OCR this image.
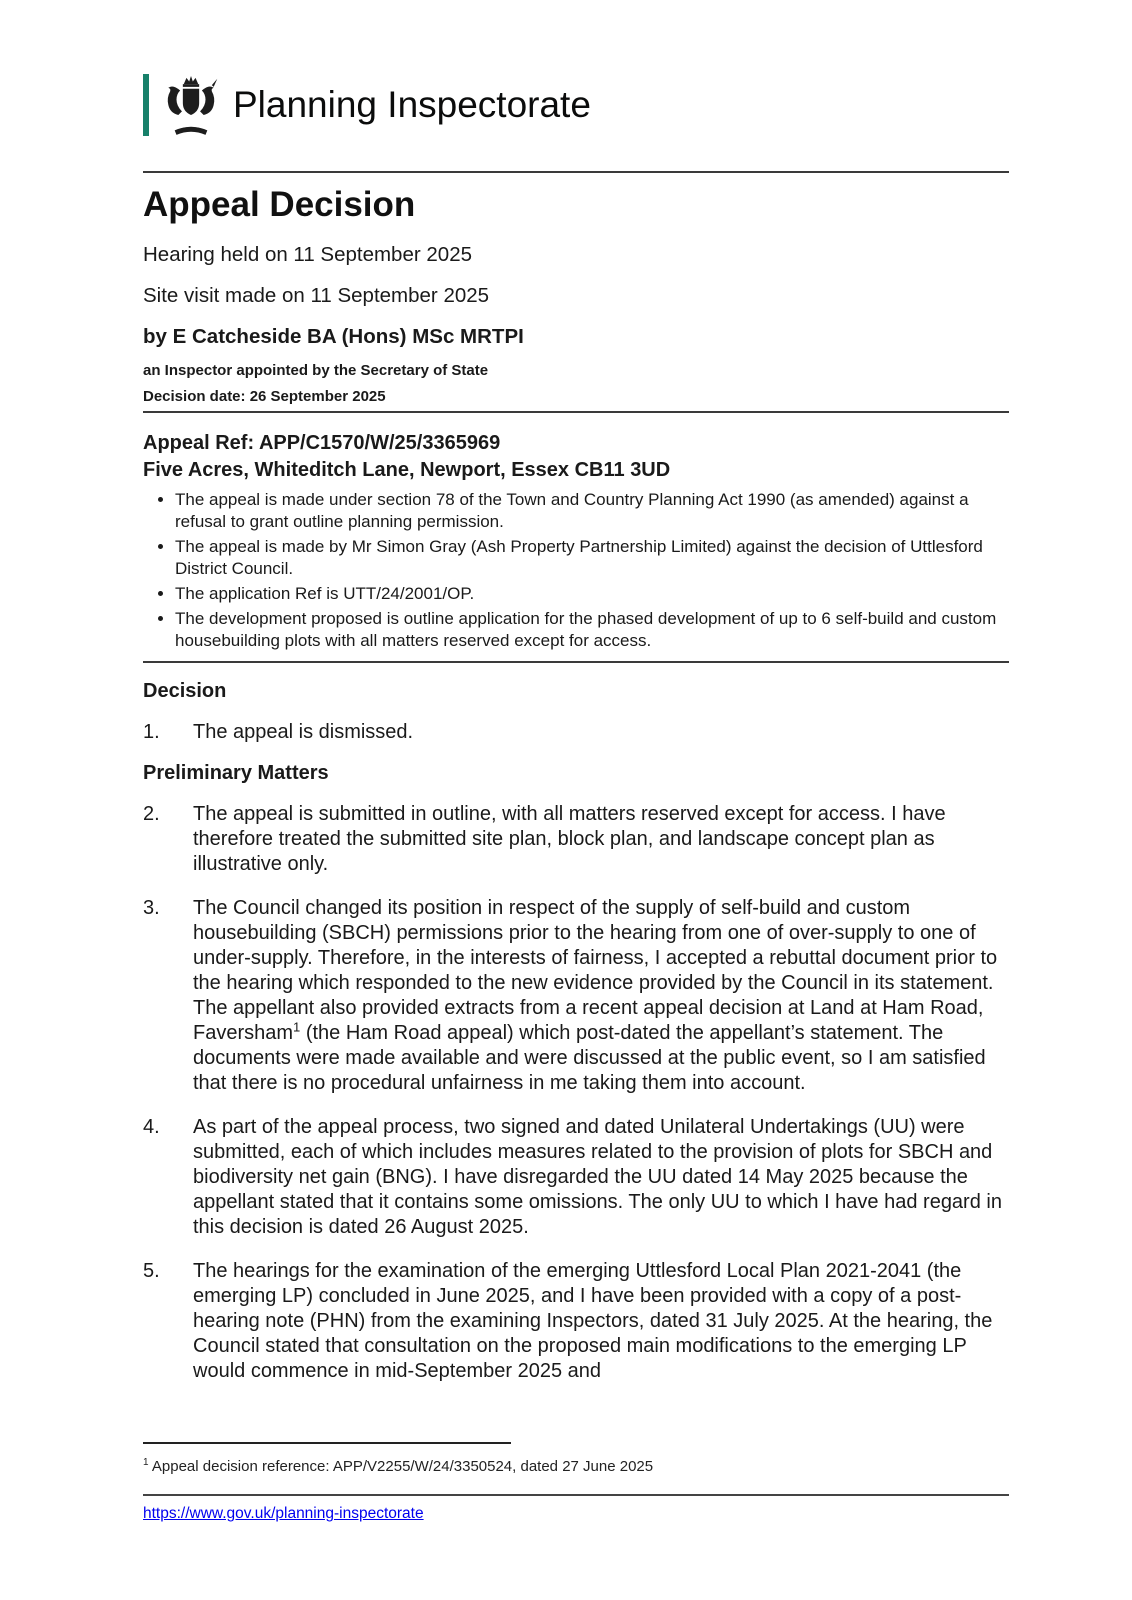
Planning Inspectorate
Appeal Decision

Hearing held on 11 September 2025

Site visit made on 11 September 2025

by E Catcheside BA (Hons) MSc MRTPI

an Inspector appointed by the Secretary of State

Decision date: 26 September 2025

Appeal Ref: APP/C1570/W/25/3365969

Five Acres, Whiteditch Lane, Newport, Essex CB11 3UD

• The appeal is made under section 78 of the Town and Country Planning Act 1990 (as amended) against a refusal to grant outline planning permission.
• The appeal is made by Mr Simon Gray (Ash Property Partnership Limited) against the decision of Uttlesford District Council.
• The application Ref is UTT/24/2001/OP.
• The development proposed is outline application for the phased development of up to 6 self-build and custom housebuilding plots with all matters reserved except for access.
Decision
1.	The appeal is dismissed.
Preliminary Matters
2.	The appeal is submitted in outline, with all matters reserved except for access. I have therefore treated the submitted site plan, block plan, and landscape concept plan as illustrative only.
3.	The Council changed its position in respect of the supply of self-build and custom housebuilding (SBCH) permissions prior to the hearing from one of over-supply to one of under-supply. Therefore, in the interests of fairness, I accepted a rebuttal document prior to the hearing which responded to the new evidence provided by the Council in its statement. The appellant also provided extracts from a recent appeal decision at Land at Ham Road, Faversham$^1$ (the Ham Road appeal) which post-dated the appellant’s statement. The documents were made available and were discussed at the public event, so I am satisfied that there is no procedural unfairness in me taking them into account.
4.	As part of the appeal process, two signed and dated Unilateral Undertakings (UU) were submitted, each of which includes measures related to the provision of plots for SBCH and biodiversity net gain (BNG). I have disregarded the UU dated 14 May 2025 because the appellant stated that it contains some omissions. The only UU to which I have had regard in this decision is dated 26 August 2025.
5.	The hearings for the examination of the emerging Uttlesford Local Plan 2021-2041 (the emerging LP) concluded in June 2025, and I have been provided with a copy of a post-hearing note (PHN) from the examining Inspectors, dated 31 July 2025. At the hearing, the Council stated that consultation on the proposed main modifications to the emerging LP would commence in mid-September 2025 and

$^1$ Appeal decision reference: APP/V2255/W/24/3350524, dated 27 June 2025

https://www.gov.uk/planning-inspectorate
